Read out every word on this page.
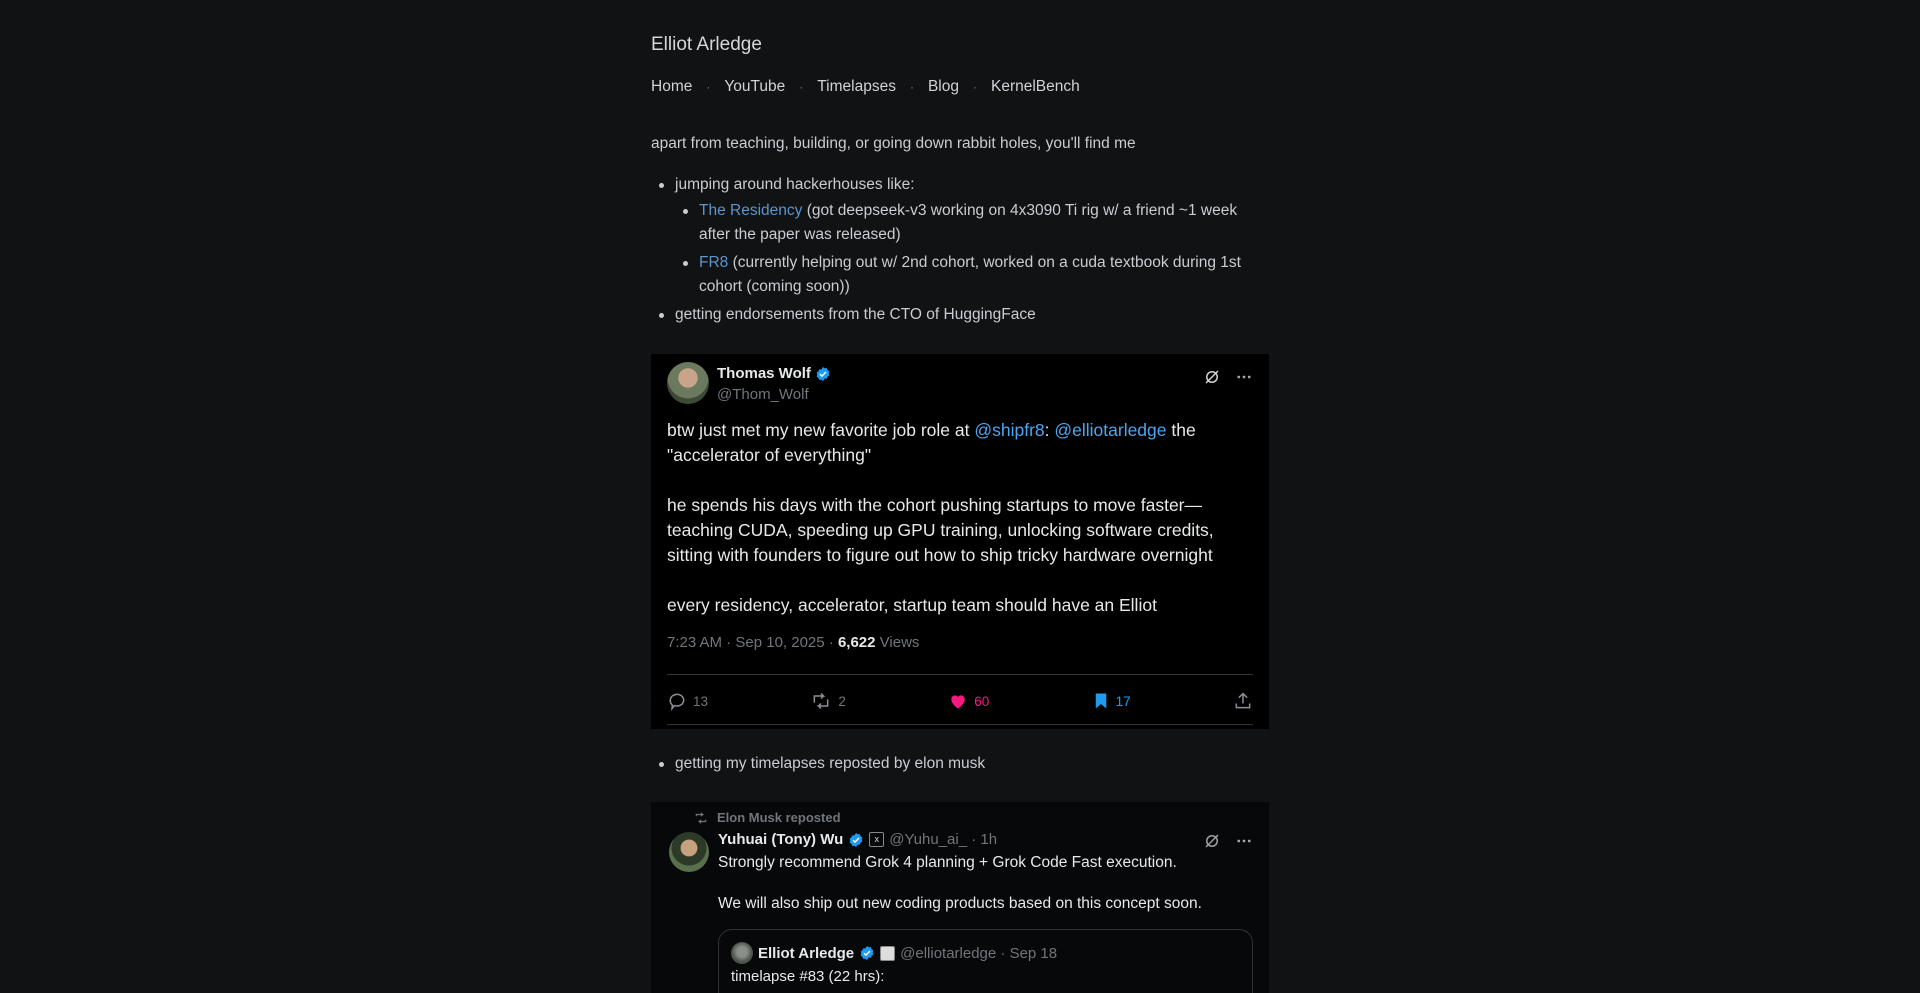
Elliot Arledge
Home · YouTube · Timelapses · Blog · KernelBench

apart from teaching, building, or going down rabbit holes, you'll find me

jumping around hackerhouses like:
The Residency (got deepseek-v3 working on 4x3090 Ti rig w/ a friend ~1 week after the paper was released)
FR8 (currently helping out w/ 2nd cohort, worked on a cuda textbook during 1st cohort (coming soon))
getting endorsements from the CTO of HuggingFace
Thomas Wolf
@Thom_Wolf

btw just met my new favorite job role at @shipfr8: @elliotarledge the "accelerator of everything"

he spends his days with the cohort pushing startups to move faster—teaching CUDA, speeding up GPU training, unlocking software credits, sitting with founders to figure out how to ship tricky hardware overnight

every residency, accelerator, startup team should have an Elliot

7:23 AM · Sep 10, 2025 · 6,622 Views
13	2	60	17
getting my timelapses reposted by elon musk
Elon Musk reposted
Yuhuai (Tony) Wu	x @Yuhu_ai_ · 1h

Strongly recommend Grok 4 planning + Grok Code Fast execution.

We will also ship out new coding products based on this concept soon.

Elliot Arledge	@elliotarledge · Sep 18
timelapse #83 (22 hrs):
